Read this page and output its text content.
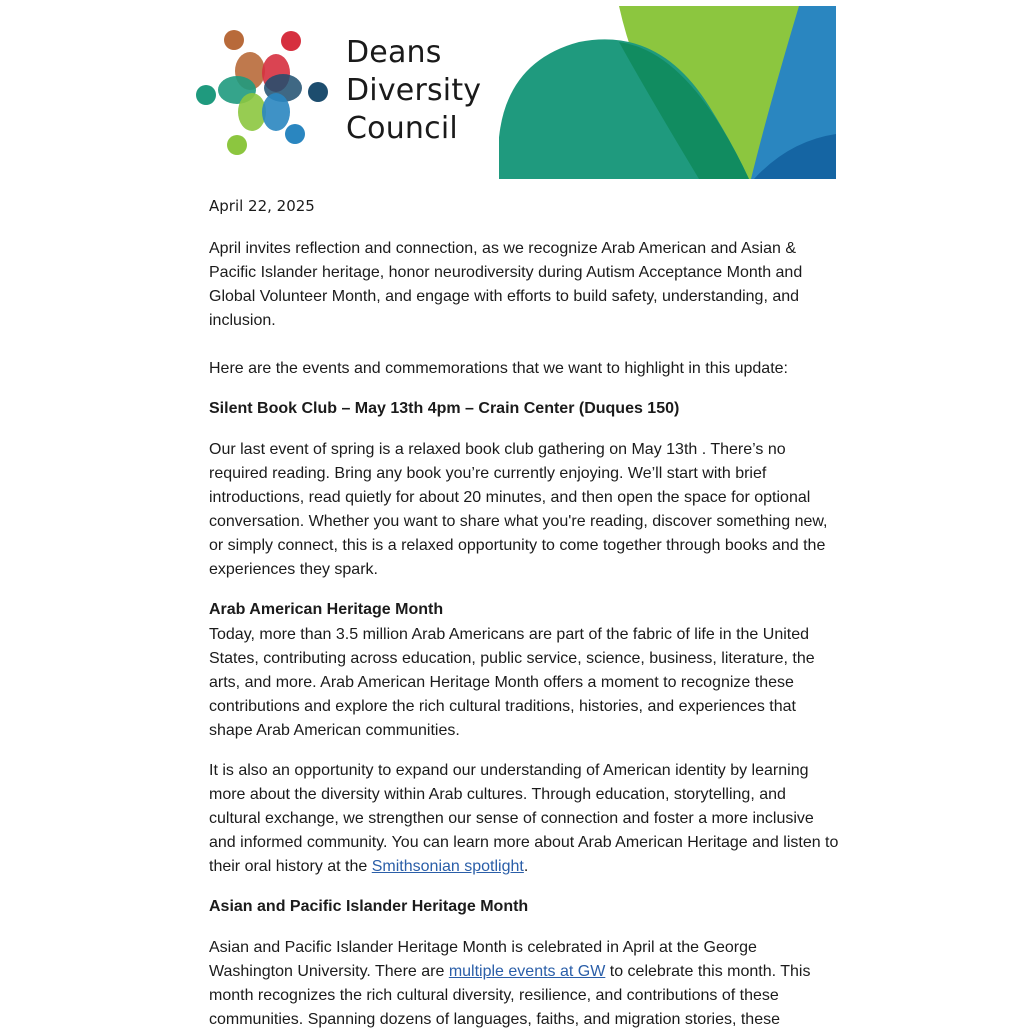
Deans
Diversity
Council
April 22, 2025

April invites reflection and connection, as we recognize Arab American and Asian & Pacific Islander heritage, honor neurodiversity during Autism Acceptance Month and Global Volunteer Month, and engage with efforts to build safety, understanding, and inclusion.

Here are the events and commemorations that we want to highlight in this update:

Silent Book Club – May 13th 4pm – Crain Center (Duques 150)

Our last event of spring is a relaxed book club gathering on May 13th . There’s no required reading. Bring any book you’re currently enjoying. We’ll start with brief introductions, read quietly for about 20 minutes, and then open the space for optional conversation. Whether you want to share what you're reading, discover something new, or simply connect, this is a relaxed opportunity to come together through books and the experiences they spark.

Arab American Heritage Month

Today, more than 3.5 million Arab Americans are part of the fabric of life in the United States, contributing across education, public service, science, business, literature, the arts, and more. Arab American Heritage Month offers a moment to recognize these contributions and explore the rich cultural traditions, histories, and experiences that shape Arab American communities.

It is also an opportunity to expand our understanding of American identity by learning more about the diversity within Arab cultures. Through education, storytelling, and cultural exchange, we strengthen our sense of connection and foster a more inclusive and informed community. You can learn more about Arab American Heritage and listen to their oral history at the Smithsonian spotlight.

Asian and Pacific Islander Heritage Month

Asian and Pacific Islander Heritage Month is celebrated in April at the George Washington University. There are multiple events at GW to celebrate this month. This month recognizes the rich cultural diversity, resilience, and contributions of these communities. Spanning dozens of languages, faiths, and migration stories, these
